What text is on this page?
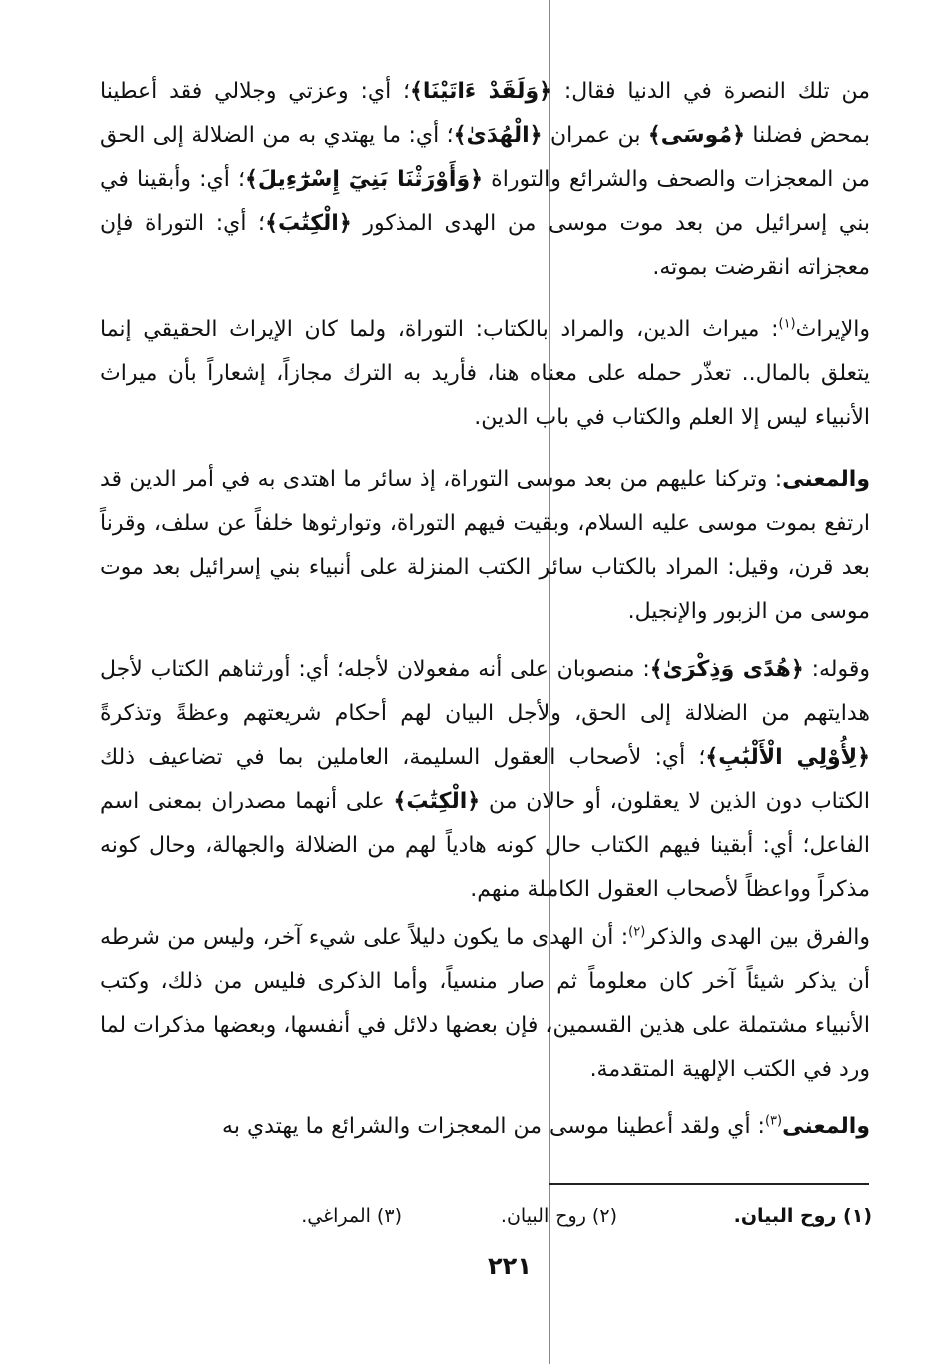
من تلك النصرة في الدنيا فقال: ﴿وَلَقَدْ ءَاتَيْنَا﴾؛ أي: وعزتي وجلالي فقد أعطينا بمحض فضلنا ﴿مُوسَى﴾ بن عمران ﴿الْهُدَىٰ﴾؛ أي: ما يهتدي به من الضلالة إلى الحق من المعجزات والصحف والشرائع والتوراة ﴿وَأَوْرَثْنَا بَنِيٓ إِسْرَٰٓءِيلَ﴾؛ أي: وأبقينا في بني إسرائيل من بعد موت موسى من الهدى المذكور ﴿الْكِتَٰبَ﴾؛ أي: التوراة فإن معجزاته انقرضت بموته.

والإيراث$^{(١)}$: ميراث الدين، والمراد بالكتاب: التوراة، ولما كان الإيراث الحقيقي إنما يتعلق بالمال.. تعذّر حمله على معناه هنا، فأريد به الترك مجازاً، إشعاراً بأن ميراث الأنبياء ليس إلا العلم والكتاب في باب الدين.

والمعنى: وتركنا عليهم من بعد موسى التوراة، إذ سائر ما اهتدى به في أمر الدين قد ارتفع بموت موسى عليه السلام، وبقيت فيهم التوراة، وتوارثوها خلفاً عن سلف، وقرناً بعد قرن، وقيل: المراد بالكتاب سائر الكتب المنزلة على أنبياء بني إسرائيل بعد موت موسى من الزبور والإنجيل.

وقوله: ﴿هُدًى وَذِكْرَىٰ﴾: منصوبان على أنه مفعولان لأجله؛ أي: أورثناهم الكتاب لأجل هدايتهم من الضلالة إلى الحق، ولأجل البيان لهم أحكام شريعتهم وعظةً وتذكرةً ﴿لِأُوْلِي الْأَلْبَٰبِ﴾؛ أي: لأصحاب العقول السليمة، العاملين بما في تضاعيف ذلك الكتاب دون الذين لا يعقلون، أو حالان من ﴿الْكِتَٰبَ﴾ على أنهما مصدران بمعنى اسم الفاعل؛ أي: أبقينا فيهم الكتاب حال كونه هادياً لهم من الضلالة والجهالة، وحال كونه مذكراً وواعظاً لأصحاب العقول الكاملة منهم.

والفرق بين الهدى والذكر$^{(٢)}$: أن الهدى ما يكون دليلاً على شيء آخر، وليس من شرطه أن يذكر شيئاً آخر كان معلوماً ثم صار منسياً، وأما الذكرى فليس من ذلك، وكتب الأنبياء مشتملة على هذين القسمين، فإن بعضها دلائل في أنفسها، وبعضها مذكرات لما ورد في الكتب الإلهية المتقدمة.

والمعنى$^{(٣)}$: أي ولقد أعطينا موسى من المعجزات والشرائع ما يهتدي به

(١) روح البيان.
(٢) روح البيان.
(٣) المراغي.
٢٢١
